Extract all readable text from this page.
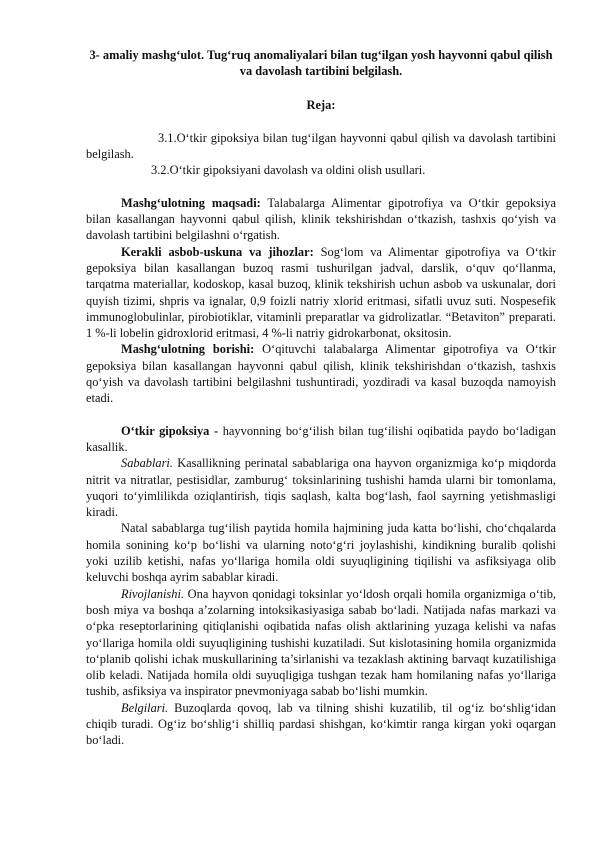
3- amaliy mashg‘ulot. Tug‘ruq anomaliyalari bilan tug‘ilgan yosh hayvonni qabul qilish va davolash tartibini belgilash.

Reja:

3.1.O‘tkir gipoksiya bilan tug‘ilgan hayvonni qabul qilish va davolash tartibini belgilash.

3.2.O‘tkir gipoksiyani davolash va oldini olish usullari.

Mashg‘ulotning maqsadi: Talabalarga Alimentar gipotrofiya va O‘tkir gepoksiya bilan kasallangan hayvonni qabul qilish, klinik tekshirishdan o‘tkazish, tashxis qo‘yish va davolash tartibini belgilashni o‘rgatish.

Kerakli asbob-uskuna va jihozlar: Sog‘lom va Alimentar gipotrofiya va O‘tkir gepoksiya bilan kasallangan buzoq rasmi tushurilgan jadval, darslik, o‘quv qo‘llanma, tarqatma materiallar, kodoskop, kasal buzoq, klinik tekshirish uchun asbob va uskunalar, dori quyish tizimi, shpris va ignalar, 0,9 foizli natriy xlorid eritmasi, sifatli uvuz suti. Nospesefik immunoglobulinlar, pirobiotiklar, vitaminli preparatlar va gidrolizatlar. “Betaviton” preparati. 1 %-li lobelin gidroxlorid eritmasi, 4 %-li natriy gidrokarbonat, oksitosin.

Mashg‘ulotning borishi: O‘qituvchi talabalarga Alimentar gipotrofiya va O‘tkir gepoksiya bilan kasallangan hayvonni qabul qilish, klinik tekshirishdan o‘tkazish, tashxis qo‘yish va davolash tartibini belgilashni tushuntiradi, yozdiradi va kasal buzoqda namoyish etadi.

O‘tkir gipoksiya - hayvonning bo‘g‘ilish bilan tug‘ilishi oqibatida paydo bo‘ladigan kasallik.

Sabablari. Kasallikning perinatal sabablariga ona hayvon organizmiga ko‘p miqdorda nitrit va nitratlar, pestisidlar, zamburug‘ toksinlarining tushishi hamda ularni bir tomonlama, yuqori to‘yimlilikda oziqlantirish, tiqis saqlash, kalta bog‘lash, faol sayrning yetishmasligi kiradi.

Natal sabablarga tug‘ilish paytida homila hajmining juda katta bo‘lishi, cho‘chqalarda homila sonining ko‘p bo‘lishi va ularning noto‘g‘ri joylashishi, kindikning buralib qolishi yoki uzilib ketishi, nafas yo‘llariga homila oldi suyuqligining tiqilishi va asfiksiyaga olib keluvchi boshqa ayrim sabablar kiradi.

Rivojlanishi. Ona hayvon qonidagi toksinlar yo‘ldosh orqali homila organizmiga o‘tib, bosh miya va boshqa a’zolarning intoksikasiyasiga sabab bo‘ladi. Natijada nafas markazi va o‘pka reseptorlarining qitiqlanishi oqibatida nafas olish aktlarining yuzaga kelishi va nafas yo‘llariga homila oldi suyuqligining tushishi kuzatiladi. Sut kislotasining homila organizmida to‘planib qolishi ichak muskullarining ta’sirlanishi va tezaklash aktining barvaqt kuzatilishiga olib keladi. Natijada homila oldi suyuqligiga tushgan tezak ham homilaning nafas yo‘llariga tushib, asfiksiya va inspirator pnevmoniyaga sabab bo‘lishi mumkin.

Belgilari. Buzoqlarda qovoq, lab va tilning shishi kuzatilib, til og‘iz bo‘shlig‘idan chiqib turadi. Og‘iz bo‘shlig‘i shilliq pardasi shishgan, ko‘kimtir ranga kirgan yoki oqargan bo‘ladi.
